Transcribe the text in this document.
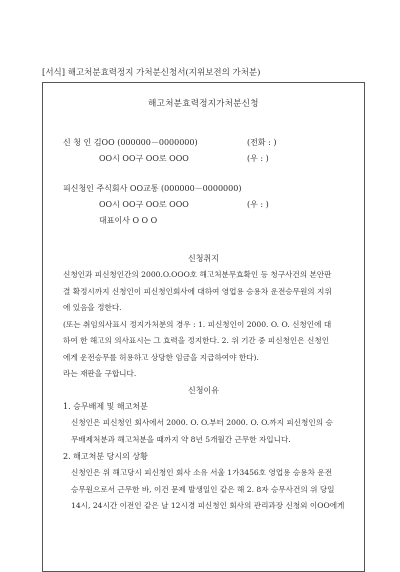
[서식] 해고처분효력정지 가처분신청서(지위보전의 가처분)
해고처분효력정지가처분신청
신 청 인 김OO (000000－0000000)	(전화 : )
OO시 OO구 OO로 OOO	(우 : )
피신청인 주식회사 OO교통 (000000－0000000)
OO시 OO구 OO로 OOO	(우 : )
대표이사 O O O
신청취지
신청인과 피신청인간의 2000.O.OOO호 해고처분무효확인 등 청구사건의 본안판
결 확정시까지 신청인이 피신청인회사에 대하여 영업용 승용차 운전승무원의 지위
에 있음을 정한다.
(또는 취임의사표시 정지가처분의 경우 : 1. 피신청인이 2000. O. O. 신청인에 대
하여 한 해고의 의사표시는 그 효력을 정지한다. 2. 위 기간 중 피신청인은 신청인
에게 운전승무를 허용하고 상당한 임금을 지급하여야 한다).
라는 재판을 구합니다.
신청이유
1. 승무배제 및 해고처분
신청인은 피신청인 회사에서 2000. O. O.부터 2000. O. O.까지 피신청인의 승
무배제처분과 해고처분을 때까지 약 8년 5개월간 근무한 자입니다.
2. 해고처분 당시의 상황
신청인은 위 해고당시 피신청인 회사 소유 서울 1가3456호 영업용 승용차 운전
승무원으로서 근무한 바, 이건 문제 발생일인 같은 해 2. 8자 승무사건의 위 당일
14시, 24시간 이전인 같은 날 12시경 피신청인 회사의 관리과장 신청외 이OO에게
